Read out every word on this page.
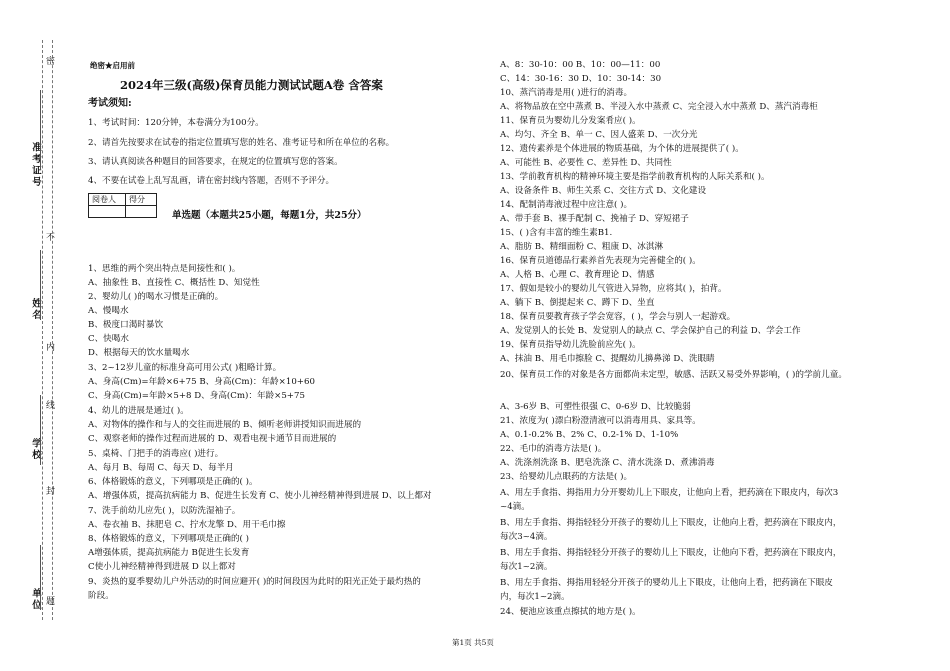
密
不
内
线
封
题
准考证号
姓名
学校
单位
绝密★启用前
2024年三级(高级)保育员能力测试试题A卷 含答案
考试须知:
1、考试时间：120分钟，本卷满分为100分。
2、请首先按要求在试卷的指定位置填写您的姓名、准考证号和所在单位的名称。
3、请认真阅读各种题目的回答要求，在规定的位置填写您的答案。
4、不要在试卷上乱写乱画，请在密封线内答题，否则不予评分。
阅卷人	得分

单选题（本题共25小题，每题1分，共25分）
1、思维的两个突出特点是间接性和( )。
A、抽象性 B、直接性 C、概括性 D、知觉性
2、婴幼儿( )的喝水习惯是正确的。
A、慢喝水
B、极度口渴时暴饮
C、快喝水
D、根据每天的饮水量喝水
3、2~12岁儿童的标准身高可用公式( )粗略计算。
A、身高(Cm)=年龄×6+75 B、身高(Cm)：年龄×10+60
C、身高(Cm)=年龄×5+8 D、身高(Cm)：年龄×5+75
4、幼儿的进展是通过( )。
A、对物体的操作和与人的交往而进展的 B、倾听老师讲授知识而进展的
C、观察老师的操作过程而进展的 D、观看电视卡通节目而进展的
5、桌椅、门把手的消毒应( )进行。
A、每月 B、每周 C、每天 D、每半月
6、体格锻炼的意义，下列哪项是正确的( )。
A、增强体质，提高抗病能力 B、促进生长发育 C、使小儿神经精神得到进展 D、以上都对
7、洗手前幼儿应先( )，以防洗湿袖子。
A、卷衣袖 B、抹肥皂 C、拧水龙擎 D、用干毛巾擦
8、体格锻炼的意义，下列哪项是正确的( )
A增强体质，提高抗病能力 B促进生长发育
C使小儿神经精神得到进展 D 以上都对
9、炎热的夏季婴幼儿户外活动的时间应避开( )的时间段因为此时的阳光正处于最灼热的
阶段。
A、8：30-10：00 B、10：00—11：00
C、14：30-16：30 D、10：30-14：30
10、蒸汽消毒是用( )进行的消毒。
A、将物品放在空中蒸煮 B、半浸入水中蒸煮 C、完全浸入水中蒸煮 D、蒸汽消毒柜
11、保育员为婴幼儿分发案肴应( )。
A、均匀、齐全 B、单一 C、因人盛莱 D、一次分光
12、遗传素养是个体进展的物质基础，为个体的进展提供了( )。
A、可能性 B、必要性 C、差异性 D、共同性
13、学前教育机构的精神环境主要是指学前教育机构的人际关系和( )。
A、设备条件 B、师生关系 C、交往方式 D、文化建设
14、配制消毒液过程中应注意( )。
A、带手套 B、裸手配制 C、挽袖子 D、穿短裙子
15、( )含有丰富的维生素B1.
A、脂肪 B、精细面粉 C、粗康 D、冰淇淋
16、保育员道德品行素养首先表现为完善健全的( )。
A、人格 B、心理 C、教育理论 D、情感
17、假如是较小的婴幼儿气管进入异物，应将其( )，拍背。
A、躺下 B、倒提起来 C、蹲下 D、坐直
18、保育员要教育孩子学会宽容，( )，学会与别人一起游戏。
A、发觉别人的长处 B、发觉别人的缺点 C、学会保护自己的利益 D、学会工作
19、保育员指导幼儿洗脸前应先( )。
A、抹油 B、用毛巾擦脸 C、提醒幼儿擤鼻涕 D、洗眼睛
20、保育员工作的对象是各方面都尚未定型，敏感、活跃又易受外界影响，( )的学前儿童。
A、3-6岁 B、可塑性很强 C、0-6岁 D、比较脆弱
21、浓度为( )漂白粉澄清液可以消毒用具、家具等。
A、0.1-0.2% B、2% C、0.2-1% D、1-10%
22、毛巾的消毒方法是( )。
A、洗涤剂洗涤 B、肥皂洗涤 C、清水洗涤 D、煮沸消毒
23、给婴幼儿点眼药的方法是( )。
A、用左手食指、拇指用力分开婴幼儿上下眼皮，让他向上看，把药滴在下眼皮内，每次3
~4滴。
B、用左手食指、拇指轻轻分开孩子的婴幼儿上下眼皮，让他向上看，把药滴在下眼皮内，
每次3~4滴。
B、用左手食指、拇指轻轻分开孩子的婴幼儿上下眼皮，让他向下看，把药滴在下眼皮内，
每次1~2滴。
B、用左手食指、拇指用轻轻分开孩子的婴幼儿上下眼皮，让他向上看，把药滴在下眼皮
内，每次1~2滴。
24、便池应该重点擦拭的地方是( )。
第1页 共5页
